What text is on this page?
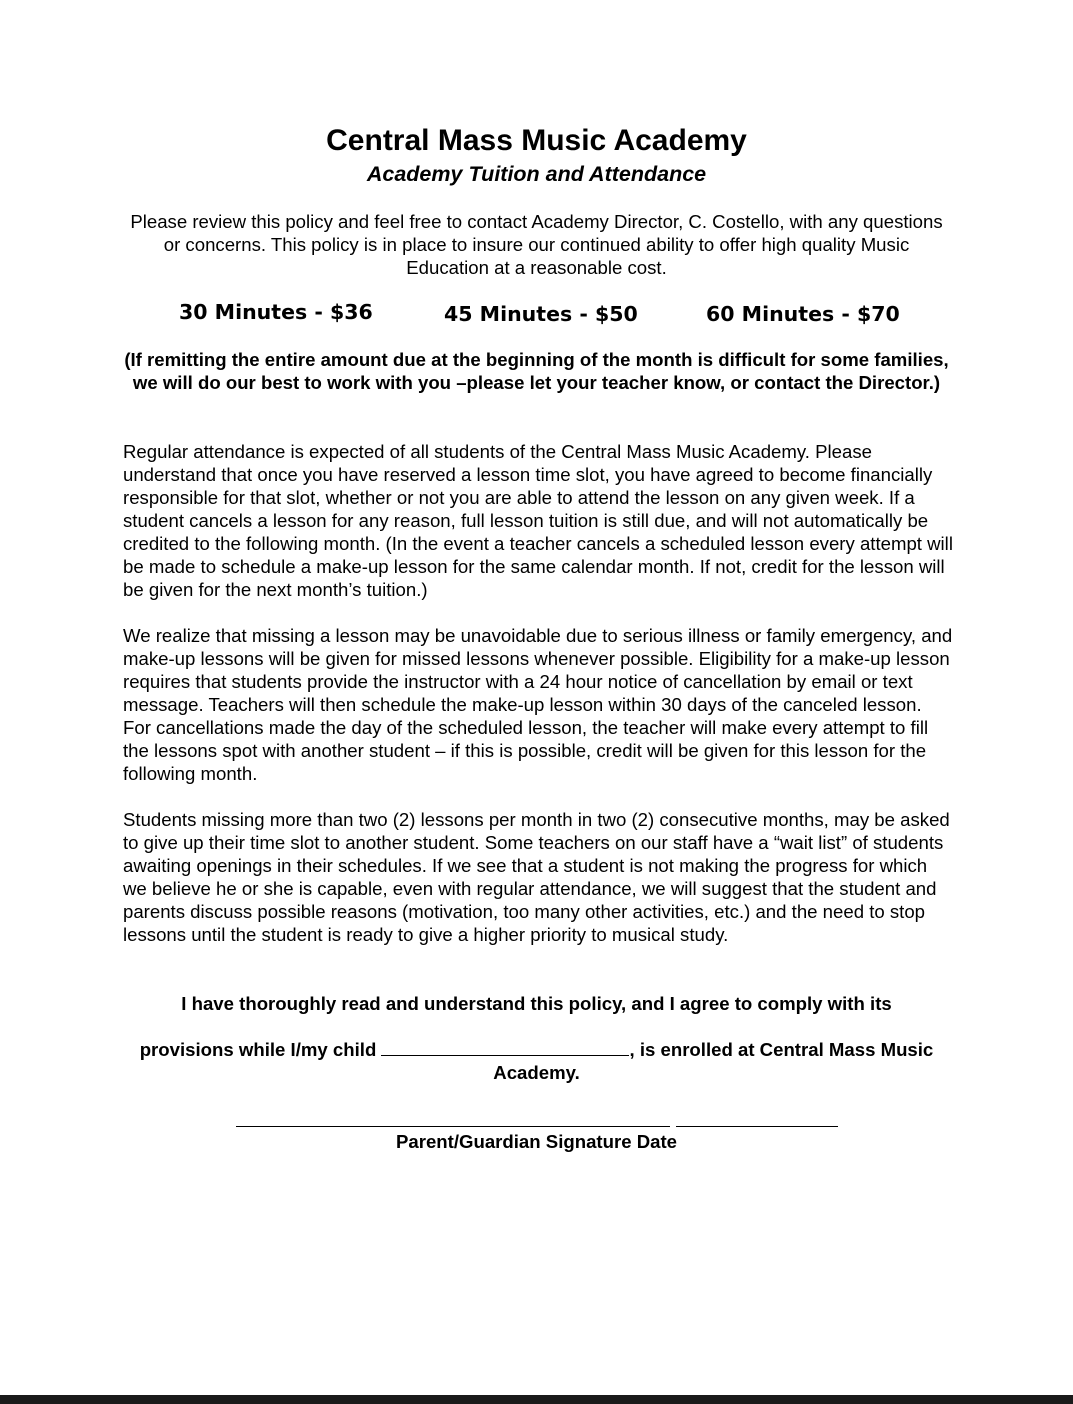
Central Mass Music Academy
Academy Tuition and Attendance
Please review this policy and feel free to contact Academy Director, C. Costello, with any questions or concerns. This policy is in place to insure our continued ability to offer high quality Music Education at a reasonable cost.
30 Minutes - $36	45 Minutes - $50	60 Minutes - $70
(If remitting the entire amount due at the beginning of the month is difficult for some families, we will do our best to work with you –please let your teacher know, or contact the Director.)
Regular attendance is expected of all students of the Central Mass Music Academy. Please understand that once you have reserved a lesson time slot, you have agreed to become financially responsible for that slot, whether or not you are able to attend the lesson on any given week. If a student cancels a lesson for any reason, full lesson tuition is still due, and will not automatically be credited to the following month. (In the event a teacher cancels a scheduled lesson every attempt will be made to schedule a make-up lesson for the same calendar month. If not, credit for the lesson will be given for the next month’s tuition.)
We realize that missing a lesson may be unavoidable due to serious illness or family emergency, and make-up lessons will be given for missed lessons whenever possible. Eligibility for a make-up lesson requires that students provide the instructor with a 24 hour notice of cancellation by email or text message. Teachers will then schedule the make-up lesson within 30 days of the canceled lesson. For cancellations made the day of the scheduled lesson, the teacher will make every attempt to fill the lessons spot with another student – if this is possible, credit will be given for this lesson for the following month.
Students missing more than two (2) lessons per month in two (2) consecutive months, may be asked to give up their time slot to another student. Some teachers on our staff have a “wait list” of students awaiting openings in their schedules. If we see that a student is not making the progress for which we believe he or she is capable, even with regular attendance, we will suggest that the student and parents discuss possible reasons (motivation, too many other activities, etc.) and the need to stop lessons until the student is ready to give a higher priority to musical study.
I have thoroughly read and understand this policy, and I agree to comply with its
provisions while I/my child	, is enrolled at Central Mass Music Academy.
Parent/Guardian Signature Date
